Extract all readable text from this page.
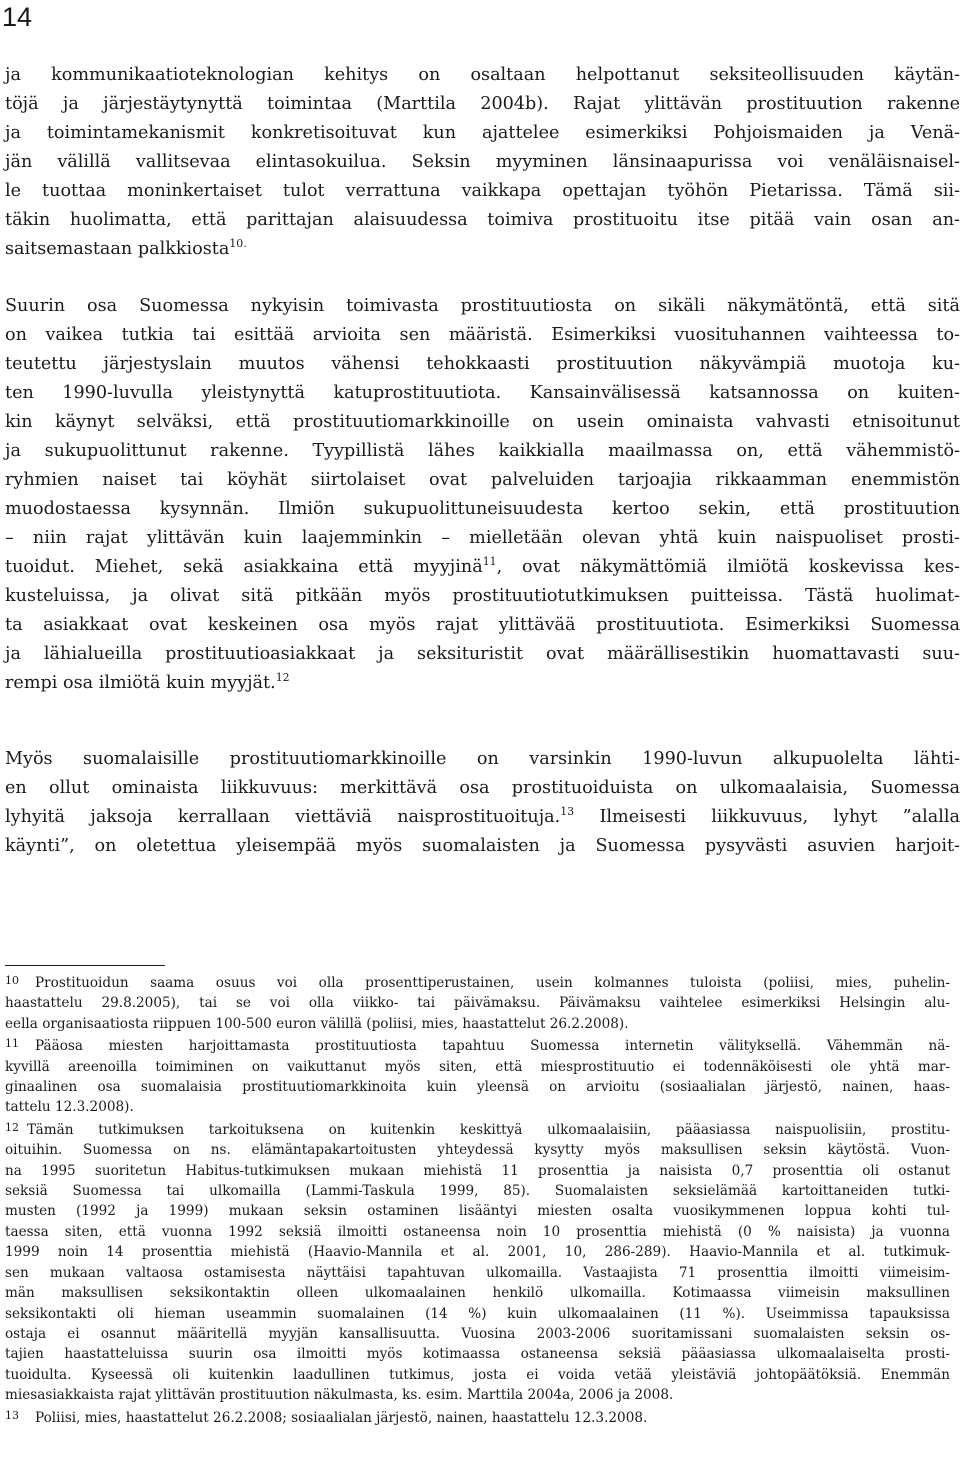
14
ja kommunikaatioteknologian kehitys on osaltaan helpottanut seksiteollisuuden käytän-
töjä ja järjestäytynyttä toimintaa (Marttila 2004b). Rajat ylittävän prostituution rakenne
ja toimintamekanismit konkretisoituvat kun ajattelee esimerkiksi Pohjoismaiden ja Venä-
jän välillä vallitsevaa elintasokuilua. Seksin myyminen länsinaapurissa voi venäläisnaisel-
le tuottaa moninkertaiset tulot verrattuna vaikkapa opettajan työhön Pietarissa. Tämä sii-
täkin huolimatta, että parittajan alaisuudessa toimiva prostituoitu itse pitää vain osan an-
saitsemastaan palkkiosta$^{10.}$
Suurin osa Suomessa nykyisin toimivasta prostituutiosta on sikäli näkymätöntä, että sitä
on vaikea tutkia tai esittää arvioita sen määristä. Esimerkiksi vuosituhannen vaihteessa to-
teutettu järjestyslain muutos vähensi tehokkaasti prostituution näkyvämpiä muotoja ku-
ten 1990-luvulla yleistynyttä katuprostituutiota. Kansainvälisessä katsannossa on kuiten-
kin käynyt selväksi, että prostituutiomarkkinoille on usein ominaista vahvasti etnisoitunut
ja sukupuolittunut rakenne. Tyypillistä lähes kaikkialla maailmassa on, että vähemmistö-
ryhmien naiset tai köyhät siirtolaiset ovat palveluiden tarjoajia rikkaamman enemmistön
muodostaessa kysynnän. Ilmiön sukupuolittuneisuudesta kertoo sekin, että prostituution
– niin rajat ylittävän kuin laajemminkin – mielletään olevan yhtä kuin naispuoliset prosti-
tuoidut. Miehet, sekä asiakkaina että myyjinä$^{11}$, ovat näkymättömiä ilmiötä koskevissa kes-
kusteluissa, ja olivat sitä pitkään myös prostituutiotutkimuksen puitteissa. Tästä huolimat-
ta asiakkaat ovat keskeinen osa myös rajat ylittävää prostituutiota. Esimerkiksi Suomessa
ja lähialueilla prostituutioasiakkaat ja seksituristit ovat määrällisestikin huomattavasti suu-
rempi osa ilmiötä kuin myyjät.$^{12}$
Myös suomalaisille prostituutiomarkkinoille on varsinkin 1990-luvun alkupuolelta lähti-
en ollut ominaista liikkuvuus: merkittävä osa prostituoiduista on ulkomaalaisia, Suomessa
lyhyitä jaksoja kerrallaan viettäviä naisprostituoituja.$^{13}$ Ilmeisesti liikkuvuus, lyhyt ”alalla
käynti”, on oletettua yleisempää myös suomalaisten ja Suomessa pysyvästi asuvien harjoit-
10 Prostituoidun saama osuus voi olla prosenttiperustainen, usein kolmannes tuloista (poliisi, mies, puhelin-
haastattelu 29.8.2005), tai se voi olla viikko- tai päivämaksu. Päivämaksu vaihtelee esimerkiksi Helsingin alu-
eella organisaatiosta riippuen 100-500 euron välillä (poliisi, mies, haastattelut 26.2.2008).
11 Pääosa miesten harjoittamasta prostituutiosta tapahtuu Suomessa internetin välityksellä. Vähemmän nä-
kyvillä areenoilla toimiminen on vaikuttanut myös siten, että miesprostituutio ei todennäköisesti ole yhtä mar-
ginaalinen osa suomalaisia prostituutiomarkkinoita kuin yleensä on arvioitu (sosiaalialan järjestö, nainen, haas-
tattelu 12.3.2008).
12 Tämän tutkimuksen tarkoituksena on kuitenkin keskittyä ulkomaalaisiin, pääasiassa naispuolisiin, prostitu-
oituihin. Suomessa on ns. elämäntapakartoitusten yhteydessä kysytty myös maksullisen seksin käytöstä. Vuon-
na 1995 suoritetun Habitus-tutkimuksen mukaan miehistä 11 prosenttia ja naisista 0,7 prosenttia oli ostanut
seksiä Suomessa tai ulkomailla (Lammi-Taskula 1999, 85). Suomalaisten seksielämää kartoittaneiden tutki-
musten (1992 ja 1999) mukaan seksin ostaminen lisääntyi miesten osalta vuosikymmenen loppua kohti tul-
taessa siten, että vuonna 1992 seksiä ilmoitti ostaneensa noin 10 prosenttia miehistä (0 % naisista) ja vuonna
1999 noin 14 prosenttia miehistä (Haavio-Mannila et al. 2001, 10, 286-289). Haavio-Mannila et al. tutkimuk-
sen mukaan valtaosa ostamisesta näyttäisi tapahtuvan ulkomailla. Vastaajista 71 prosenttia ilmoitti viimeisim-
män maksullisen seksikontaktin olleen ulkomaalainen henkilö ulkomailla. Kotimaassa viimeisin maksullinen
seksikontakti oli hieman useammin suomalainen (14 %) kuin ulkomaalainen (11 %). Useimmissa tapauksissa
ostaja ei osannut määritellä myyjän kansallisuutta. Vuosina 2003-2006 suoritamissani suomalaisten seksin os-
tajien haastatteluissa suurin osa ilmoitti myös kotimaassa ostaneensa seksiä pääasiassa ulkomaalaiselta prosti-
tuoidulta. Kyseessä oli kuitenkin laadullinen tutkimus, josta ei voida vetää yleistäviä johtopäätöksiä. Enemmän
miesasiakkaista rajat ylittävän prostituution näkulmasta, ks. esim. Marttila 2004a, 2006 ja 2008.
13 Poliisi, mies, haastattelut 26.2.2008; sosiaalialan järjestö, nainen, haastattelu 12.3.2008.
